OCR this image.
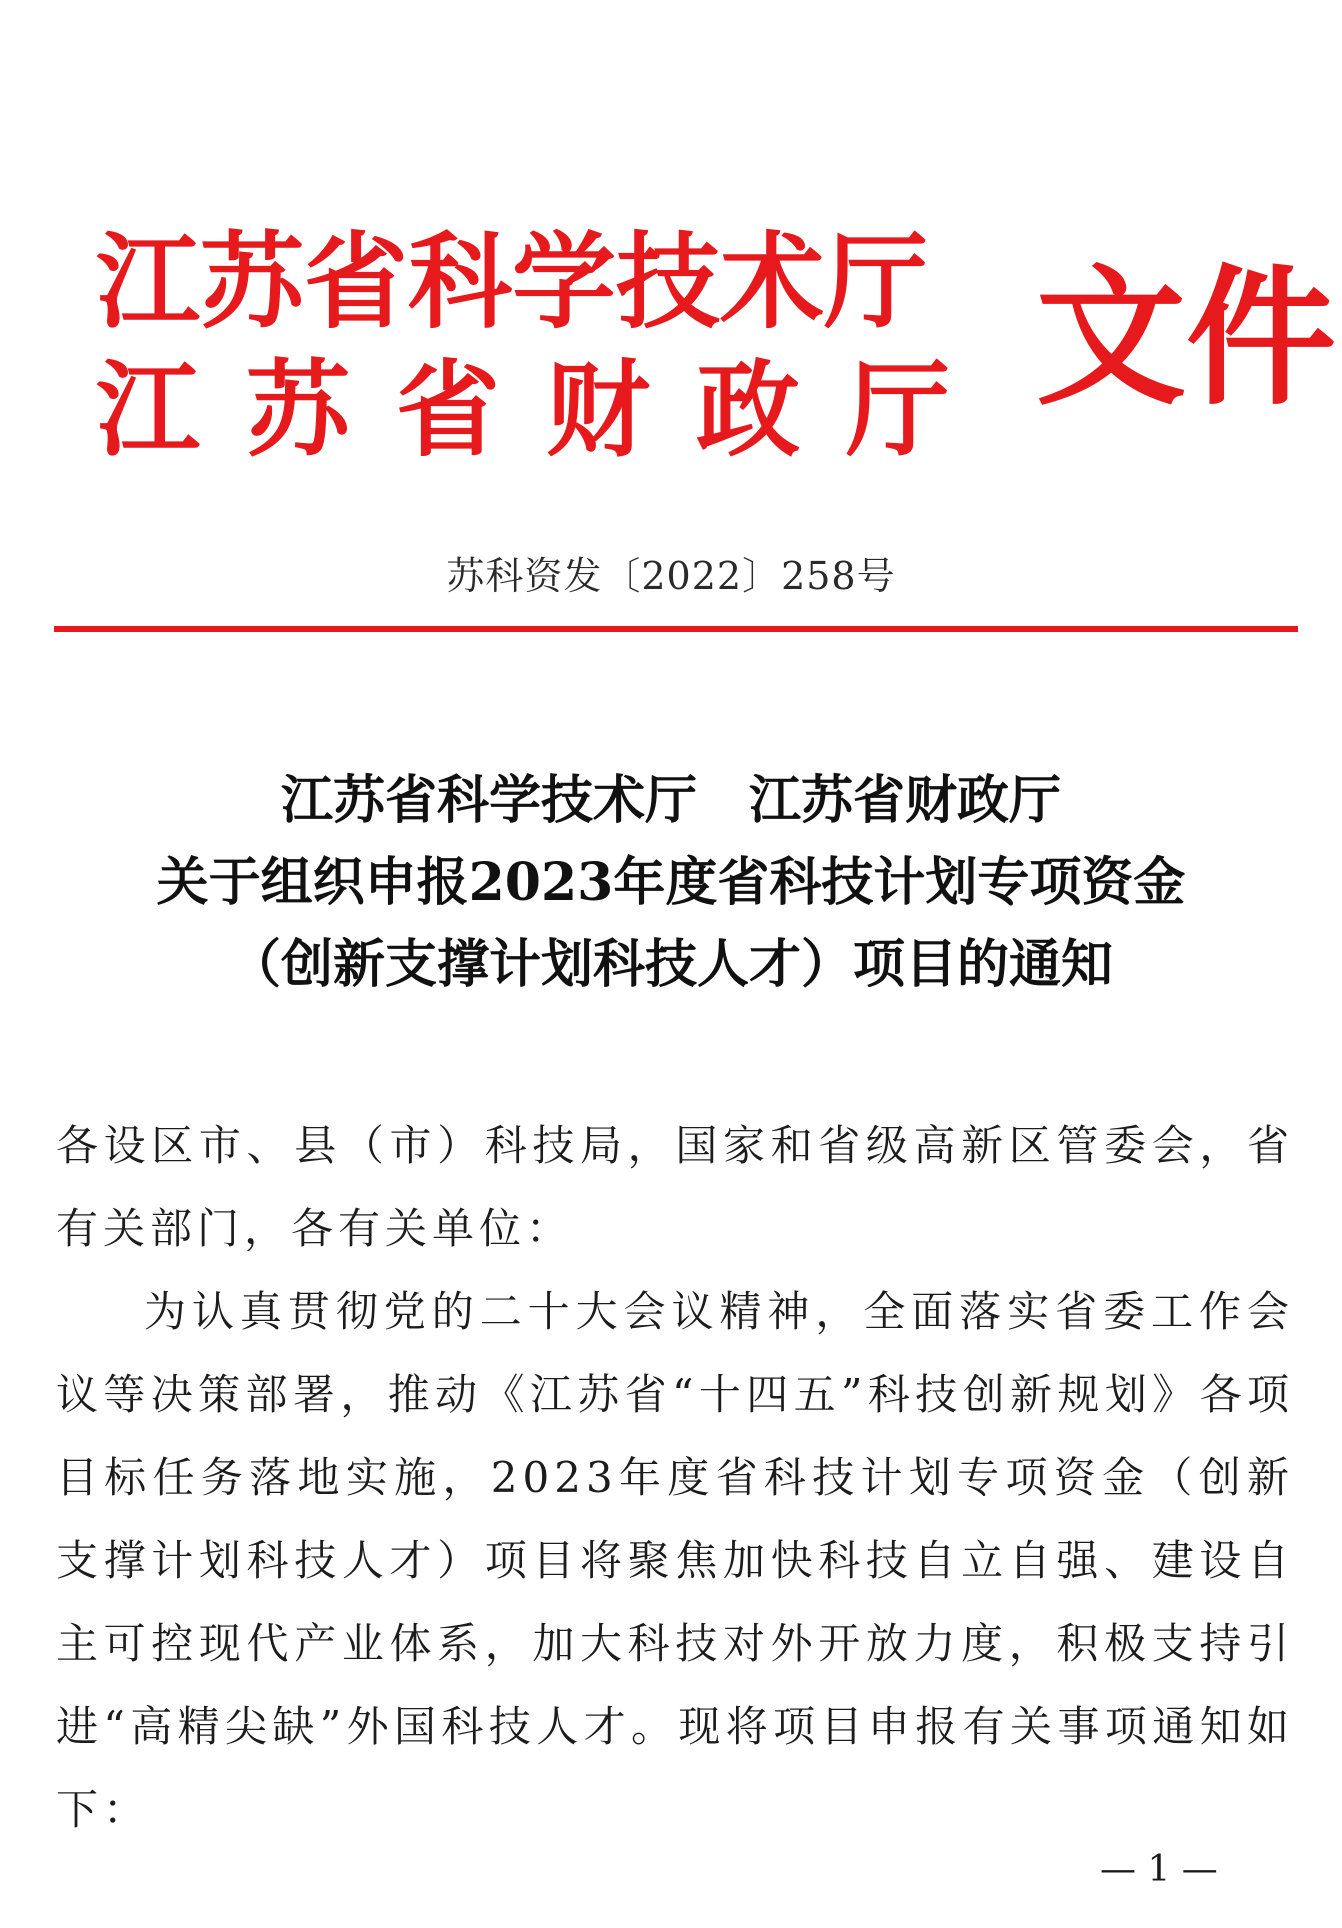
江苏省科学技术厅
江苏省财政厅 文件
苏科资发〔2022〕258号
江苏省科学技术厅　江苏省财政厅
关于组织申报2023年度省科技计划专项资金
（创新支撑计划科技人才）项目的通知

各设区市、县（市）科技局，国家和省级高新区管委会，省有关部门，各有关单位：

为认真贯彻党的二十大会议精神，全面落实省委工作会议等决策部署，推动《江苏省“十四五”科技创新规划》各项目标任务落地实施，2023年度省科技计划专项资金（创新支撑计划科技人才）项目将聚焦加快科技自立自强、建设自主可控现代产业体系，加大科技对外开放力度，积极支持引进“高精尖缺”外国科技人才。现将项目申报有关事项通知如下：

— 1 —
